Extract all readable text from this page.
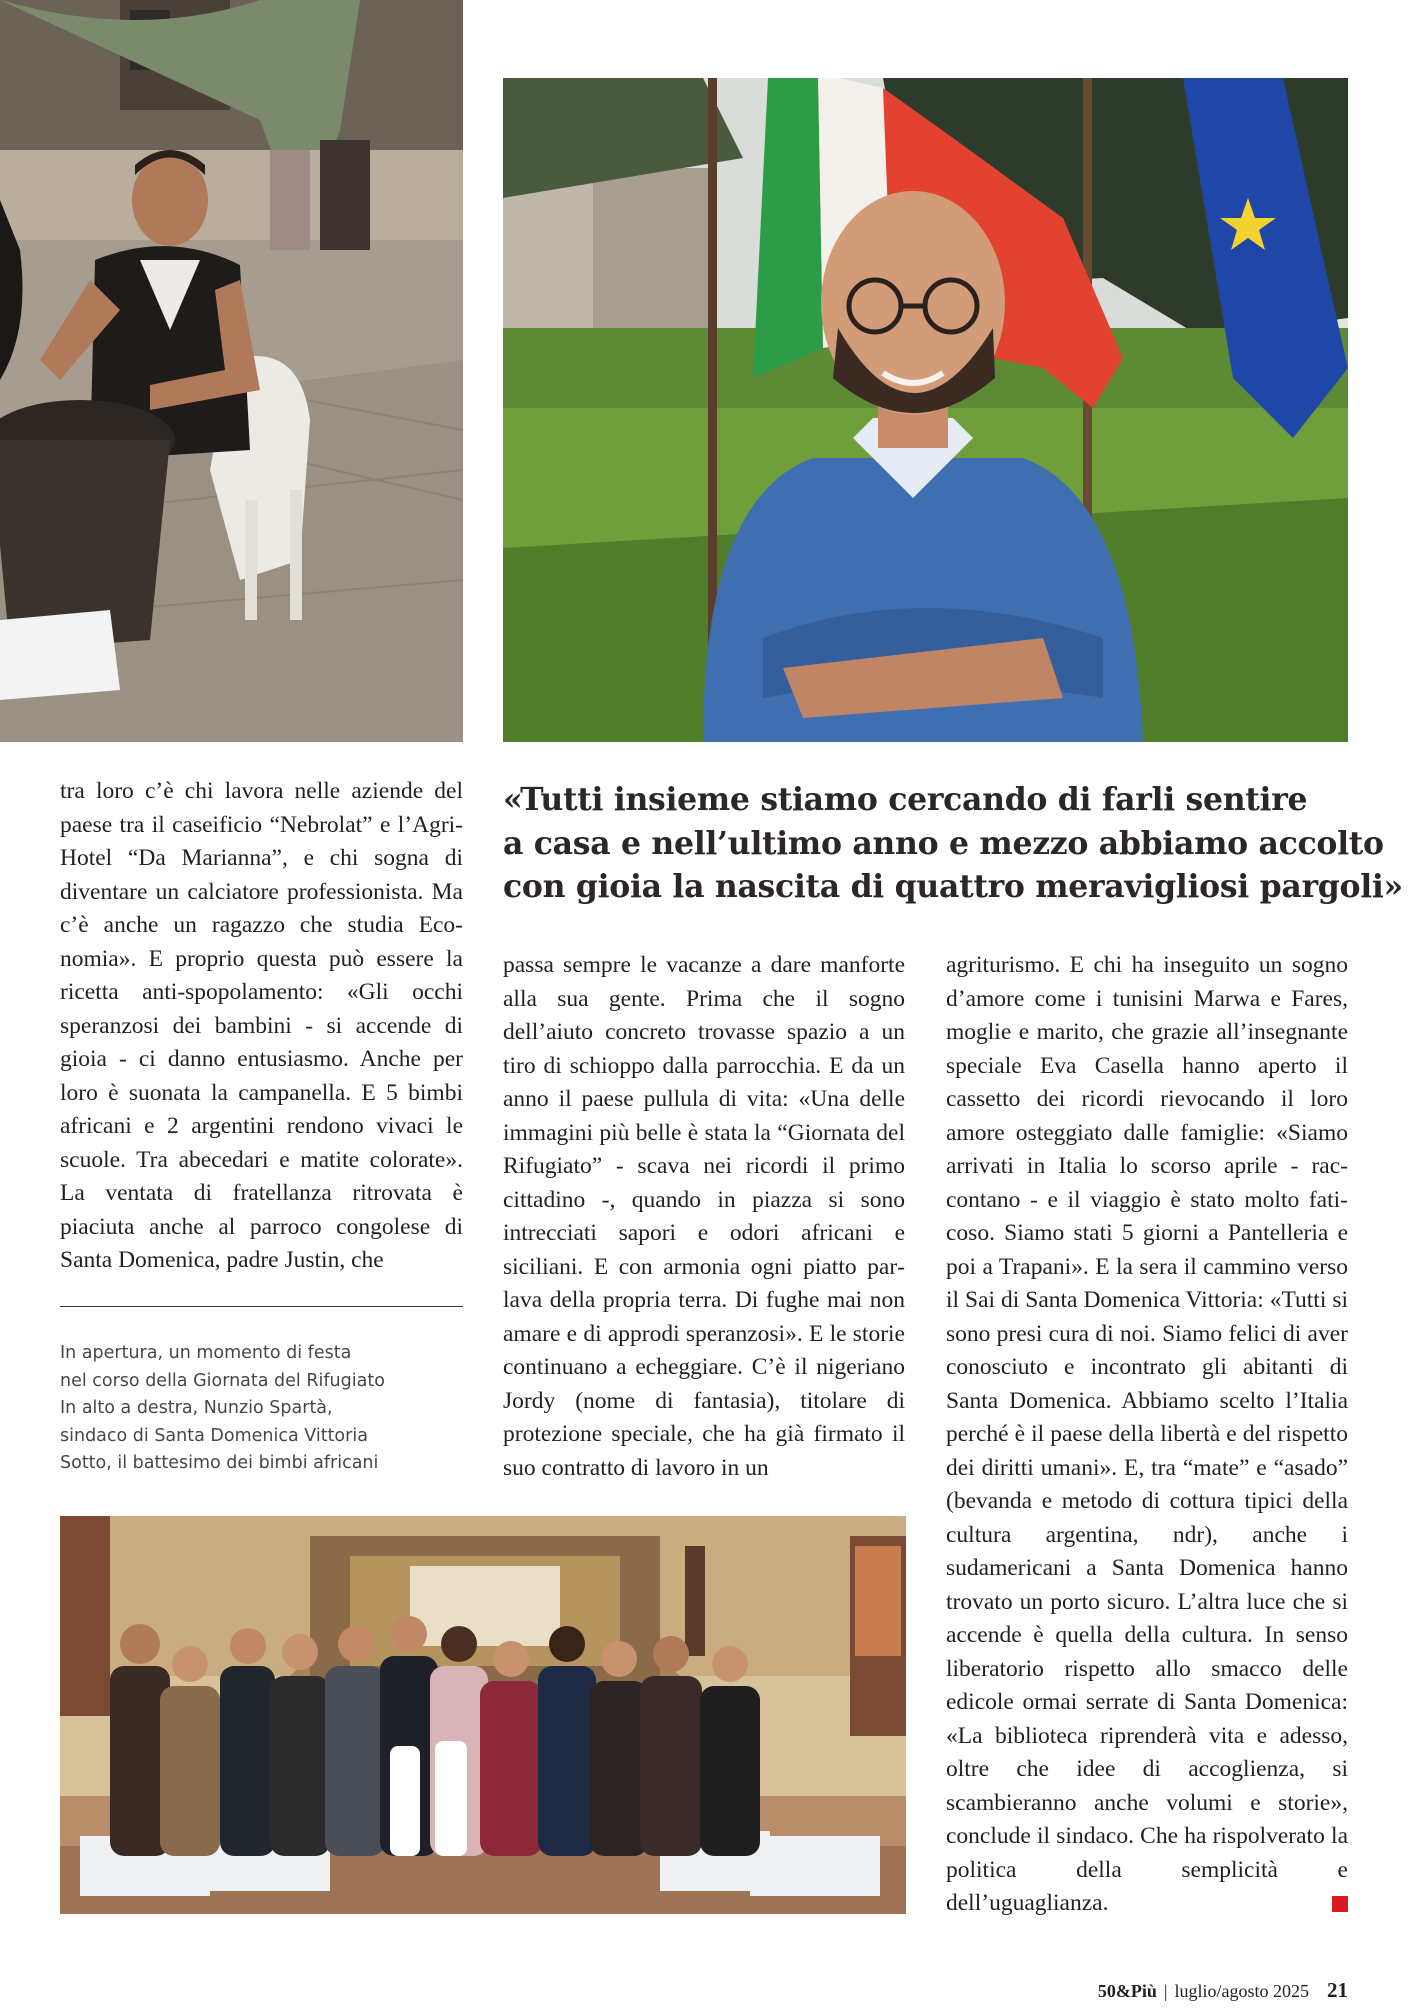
«Tutti insieme stiamo cercando di farli sentire
a casa e nell’ultimo anno e mezzo abbiamo accolto
con gioia la nascita di quattro meravigliosi pargoli»

tra loro c’è chi lavora nelle aziende del paese tra il caseificio “Nebrolat” e l’Agri-Hotel “Da Marianna”, e chi sogna di diventare un calciatore professionista. Ma c’è anche un ragazzo che studia Economia». E proprio questa può essere la ricetta anti-spopolamento: «Gli occhi speranzosi dei bambini - si accende di gioia - ci danno entusiasmo. Anche per loro è suonata la campanella. E 5 bimbi africani e 2 argentini rendono vivaci le scuole. Tra abecedari e matite colorate». La ventata di fratellanza ritrovata è piaciuta anche al parroco congolese di Santa Domenica, padre Justin, che

passa sempre le vacanze a dare manforte alla sua gente. Prima che il sogno dell’aiuto concreto trovasse spazio a un tiro di schioppo dalla parrocchia. E da un anno il paese pullula di vita: «Una delle immagini più belle è stata la “Giornata del Rifugiato” - scava nei ricordi il primo cittadino -, quando in piazza si sono intrecciati sapori e odori africani e siciliani. E con armonia ogni piatto parlava della propria terra. Di fughe mai non amare e di approdi speranzosi». E le storie continuano a echeggiare. C’è il nigeriano Jordy (nome di fantasia), titolare di protezione speciale, che ha già firmato il suo contratto di lavoro in un

agriturismo. E chi ha inseguito un sogno d’amore come i tunisini Marwa e Fares, moglie e marito, che grazie all’insegnante speciale Eva Casella hanno aperto il cassetto dei ricordi rievocando il loro amore osteggiato dalle famiglie: «Siamo arrivati in Italia lo scorso aprile - raccontano - e il viaggio è stato molto faticoso. Siamo stati 5 giorni a Pantelleria e poi a Trapani». E la sera il cammino verso il Sai di Santa Domenica Vittoria: «Tutti si sono presi cura di noi. Siamo felici di aver conosciuto e incontrato gli abitanti di Santa Domenica. Abbiamo scelto l’Italia perché è il paese della libertà e del rispetto dei diritti umani». E, tra “mate” e “asado” (bevanda e metodo di cottura tipici della cultura argentina, ndr), anche i sudamericani a Santa Domenica hanno trovato un porto sicuro. L’altra luce che si accende è quella della cultura. In senso liberatorio rispetto allo smacco delle edicole ormai serrate di Santa Domenica: «La biblioteca riprenderà vita e adesso, oltre che idee di accoglienza, si scambieranno anche volumi e storie», conclude il sindaco. Che ha rispolverato la politica della semplicità e dell’uguaglianza.

In apertura, un momento di festa
nel corso della Giornata del Rifugiato
In alto a destra, Nunzio Spartà,
sindaco di Santa Domenica Vittoria
Sotto, il battesimo dei bimbi africani
50&Più | luglio/agosto 2025 21
